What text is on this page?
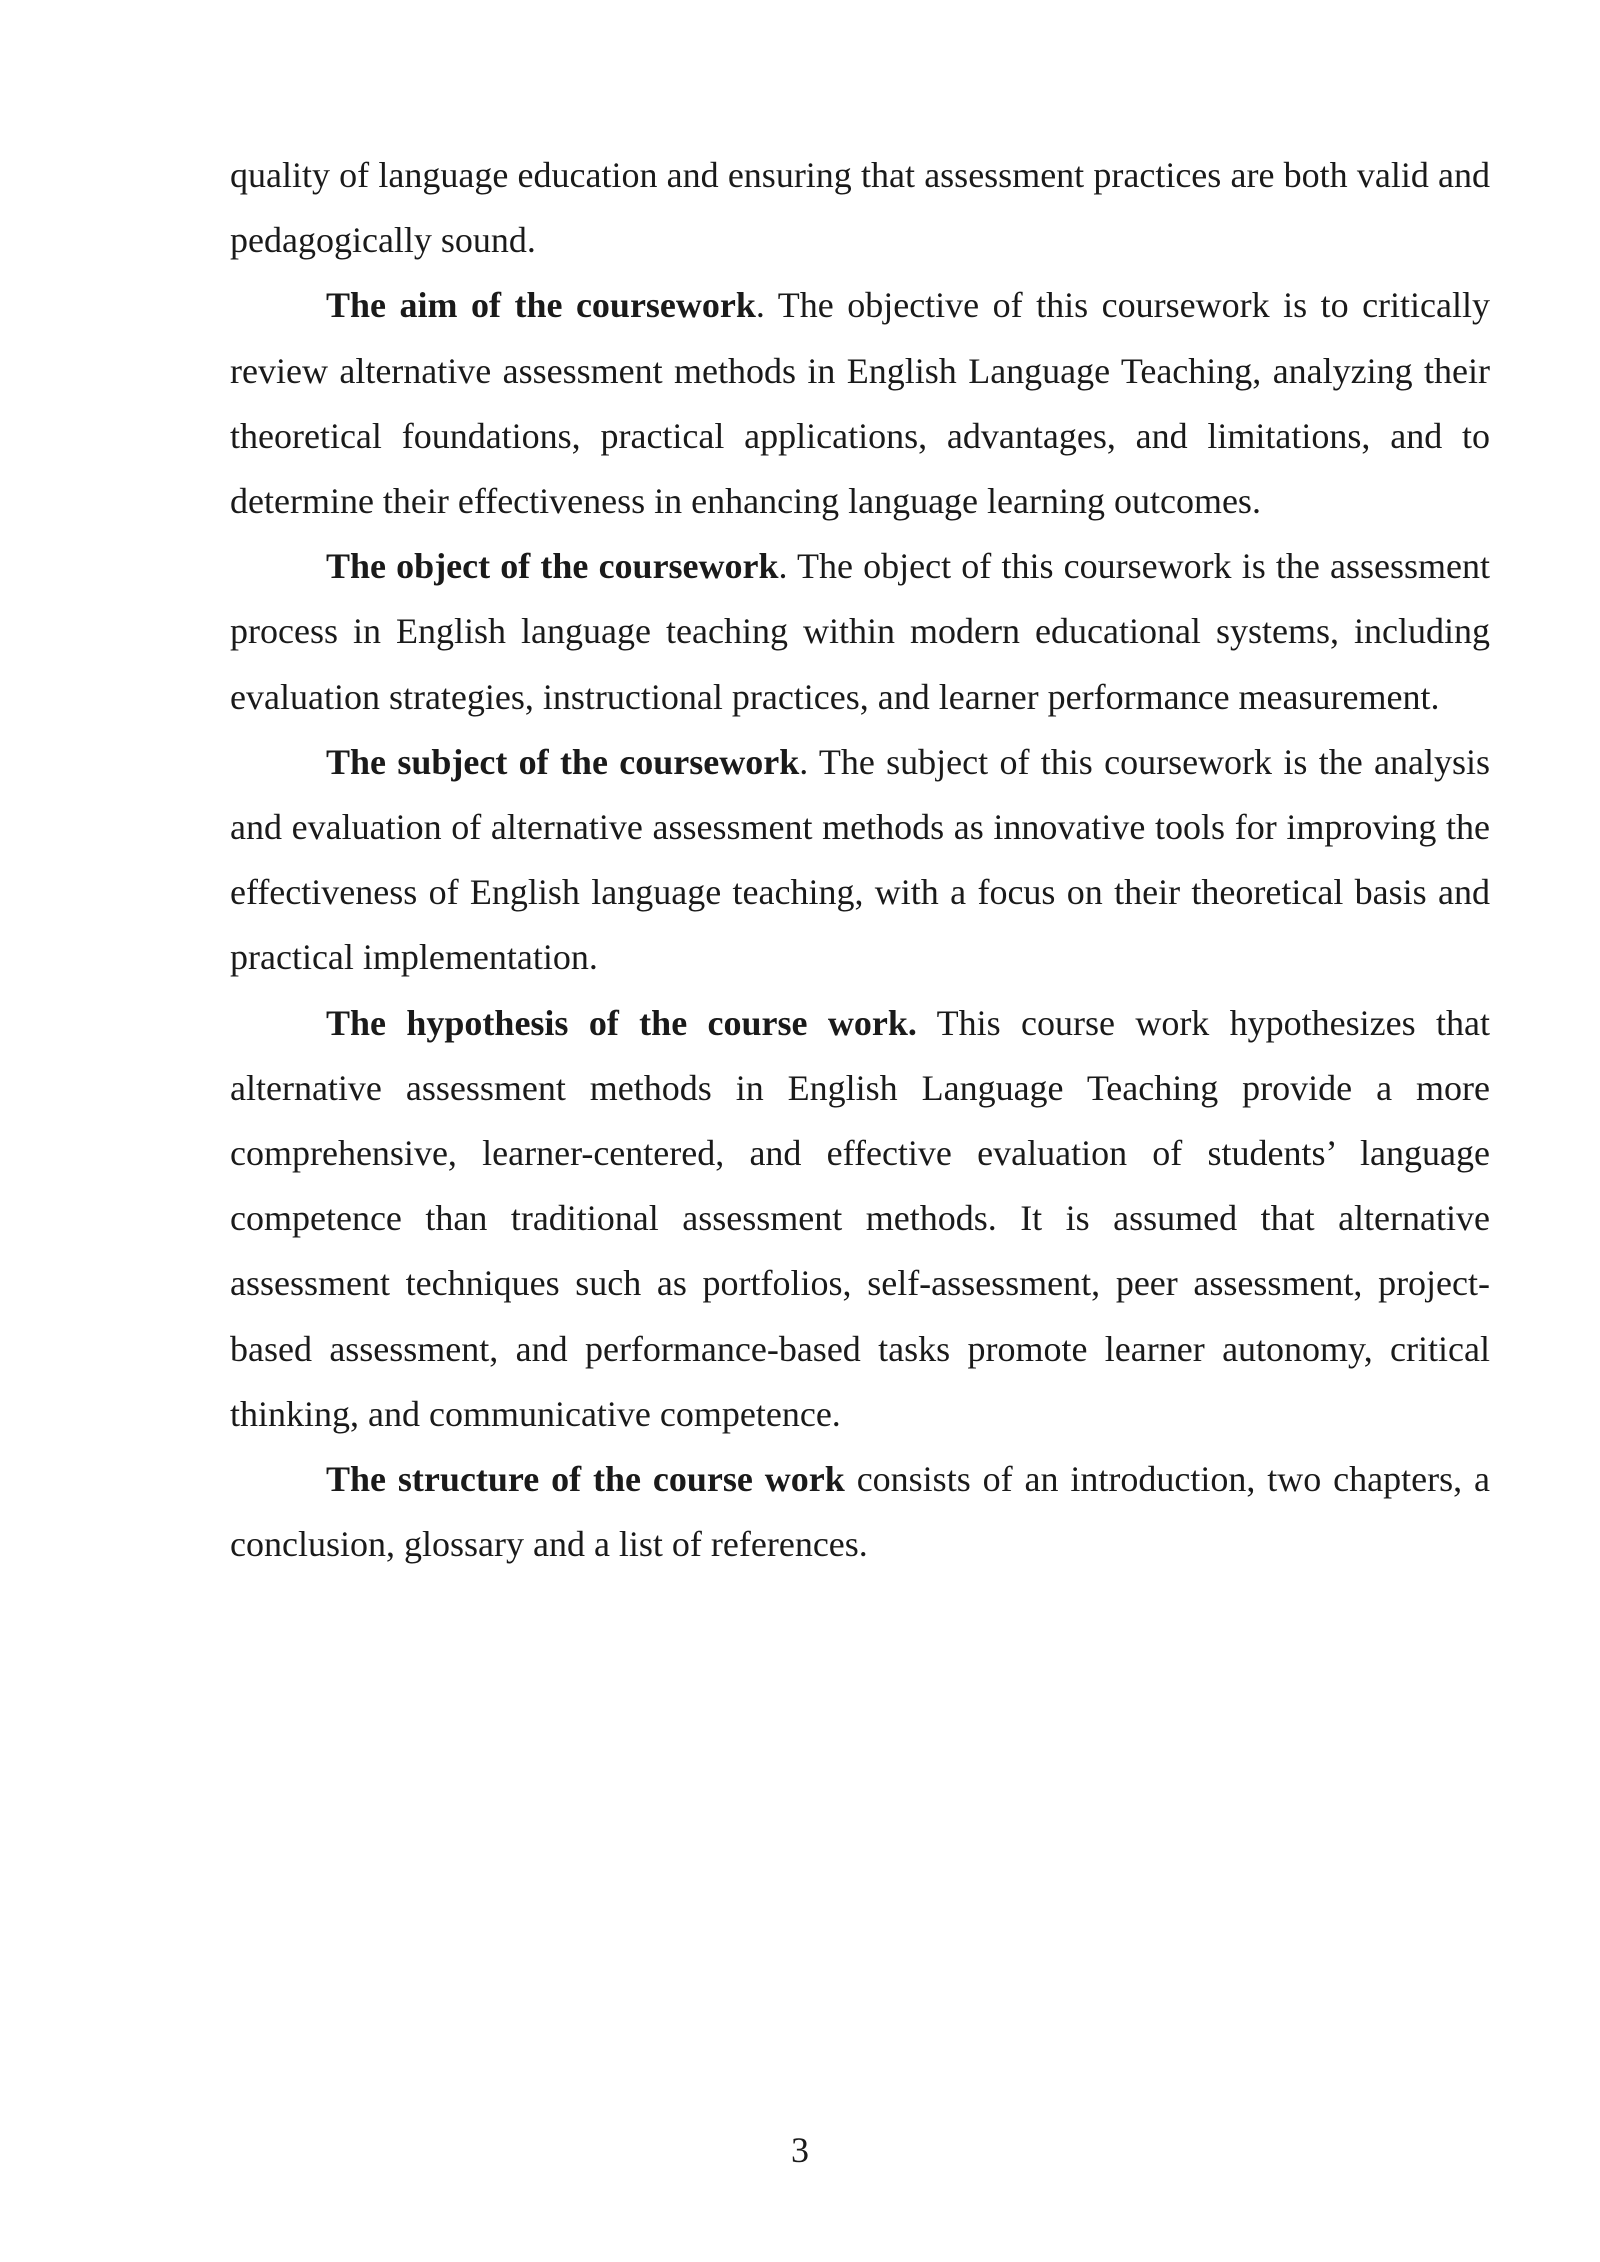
quality of language education and ensuring that assessment practices are both valid and pedagogically sound.

The aim of the coursework. The objective of this coursework is to critically review alternative assessment methods in English Language Teaching, analyzing their theoretical foundations, practical applications, advantages, and limitations, and to determine their effectiveness in enhancing language learning outcomes.

The object of the coursework. The object of this coursework is the assessment process in English language teaching within modern educational systems, including evaluation strategies, instructional practices, and learner performance measurement.

The subject of the coursework. The subject of this coursework is the analysis and evaluation of alternative assessment methods as innovative tools for improving the effectiveness of English language teaching, with a focus on their theoretical basis and practical implementation.

The hypothesis of the course work. This course work hypothesizes that alternative assessment methods in English Language Teaching provide a more comprehensive, learner-centered, and effective evaluation of students’ language competence than traditional assessment methods. It is assumed that alternative assessment techniques such as portfolios, self-assessment, peer assessment, project-based assessment, and performance-based tasks promote learner autonomy, critical thinking, and communicative competence.

The structure of the course work consists of an introduction, two chapters, a conclusion, glossary and a list of references.

3
